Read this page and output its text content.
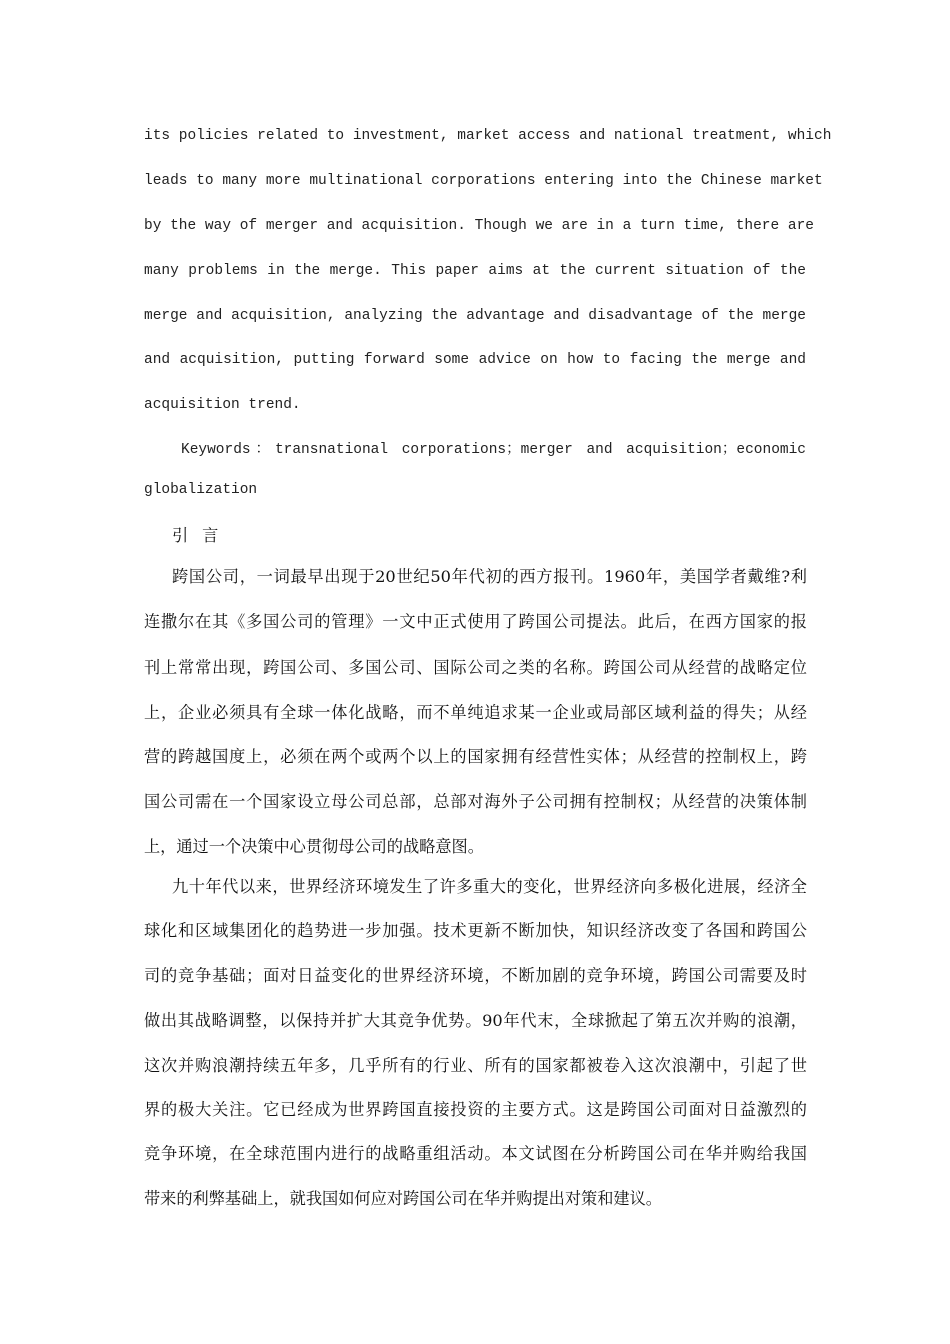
its policies related to investment, market access and national treatment, which
leads to many more multinational corporations entering into the Chinese market
by the way of merger and acquisition. Though we are in a turn time, there are
many problems in the merge. This paper aims at the current situation of the
merge and acquisition, analyzing the advantage and disadvantage of the merge
and acquisition, putting forward some advice on how to facing the merge and
acquisition trend.
Keywords：transnational corporations；merger and acquisition；economic
globalization
引言
跨国公司，一词最早出现于20世纪50年代初的西方报刊。1960年，美国学者戴维?利
连撒尔在其《多国公司的管理》一文中正式使用了跨国公司提法。此后，在西方国家的报
刊上常常出现，跨国公司、多国公司、国际公司之类的名称。跨国公司从经营的战略定位
上，企业必须具有全球一体化战略，而不单纯追求某一企业或局部区域利益的得失；从经
营的跨越国度上，必须在两个或两个以上的国家拥有经营性实体；从经营的控制权上，跨
国公司需在一个国家设立母公司总部，总部对海外子公司拥有控制权；从经营的决策体制
上，通过一个决策中心贯彻母公司的战略意图。
九十年代以来，世界经济环境发生了许多重大的变化，世界经济向多极化进展，经济全
球化和区域集团化的趋势进一步加强。技术更新不断加快，知识经济改变了各国和跨国公
司的竞争基础；面对日益变化的世界经济环境，不断加剧的竞争环境，跨国公司需要及时
做出其战略调整，以保持并扩大其竞争优势。90年代末，全球掀起了第五次并购的浪潮，
这次并购浪潮持续五年多，几乎所有的行业、所有的国家都被卷入这次浪潮中，引起了世
界的极大关注。它已经成为世界跨国直接投资的主要方式。这是跨国公司面对日益激烈的
竞争环境，在全球范围内进行的战略重组活动。本文试图在分析跨国公司在华并购给我国
带来的利弊基础上，就我国如何应对跨国公司在华并购提出对策和建议。
